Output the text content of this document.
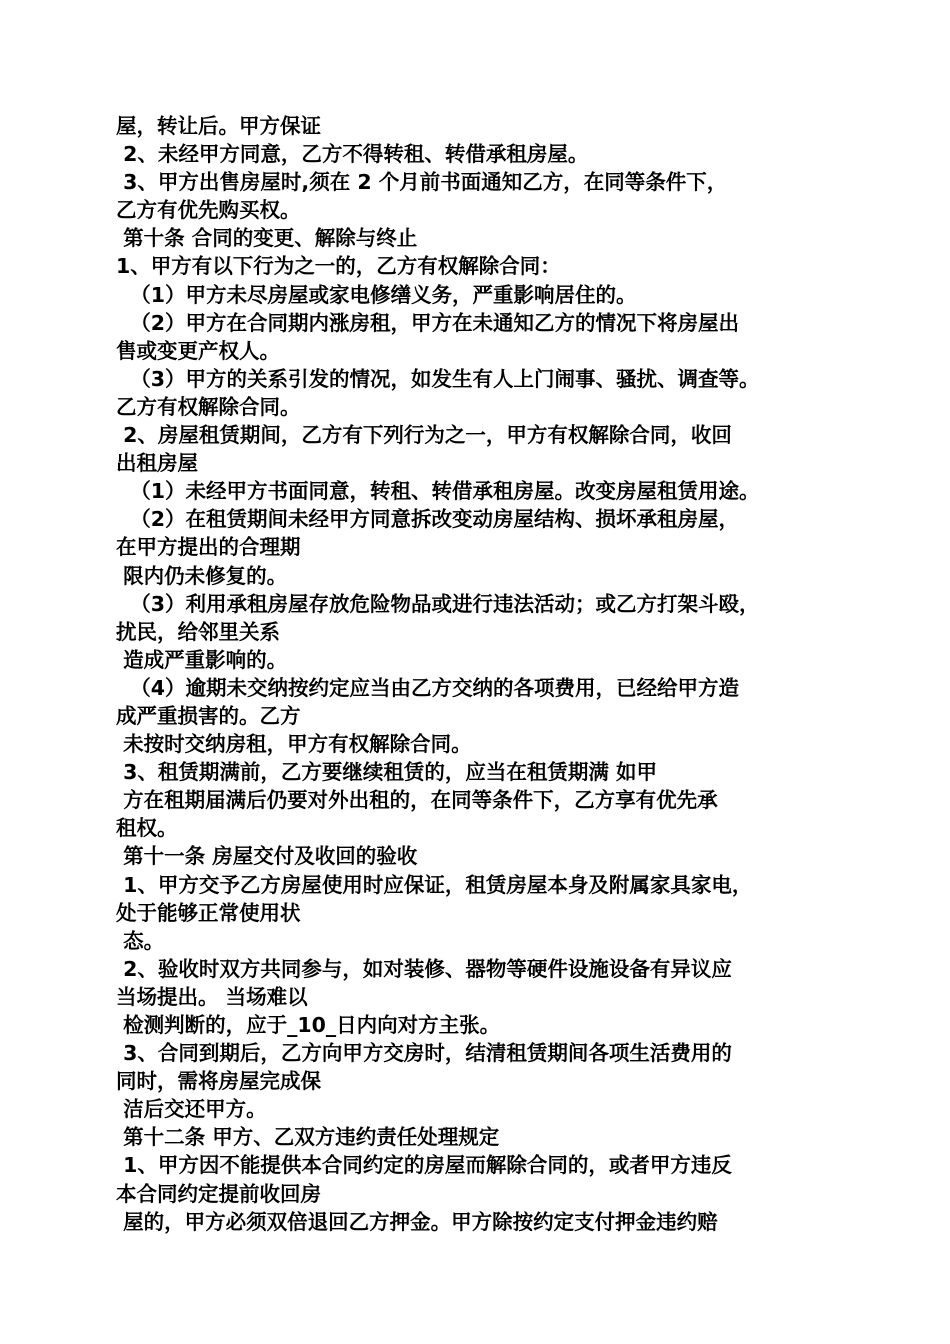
屋，转让后。甲方保证
2、未经甲方同意，乙方不得转租、转借承租房屋。
3、甲方出售房屋时,须在 2 个月前书面通知乙方，在同等条件下，
乙方有优先购买权。
第十条 合同的变更、解除与终止
1、甲方有以下行为之一的，乙方有权解除合同：
（1）甲方未尽房屋或家电修缮义务，严重影响居住的。
（2）甲方在合同期内涨房租，甲方在未通知乙方的情况下将房屋出
售或变更产权人。
（3）甲方的关系引发的情况，如发生有人上门闹事、骚扰、调查等。
乙方有权解除合同。
2、房屋租赁期间，乙方有下列行为之一，甲方有权解除合同，收回
出租房屋
（1）未经甲方书面同意，转租、转借承租房屋。改变房屋租赁用途。
（2）在租赁期间未经甲方同意拆改变动房屋结构、损坏承租房屋，
在甲方提出的合理期
限内仍未修复的。
（3）利用承租房屋存放危险物品或进行违法活动；或乙方打架斗殴，
扰民，给邻里关系
造成严重影响的。
（4）逾期未交纳按约定应当由乙方交纳的各项费用，已经给甲方造
成严重损害的。乙方
未按时交纳房租，甲方有权解除合同。
3、租赁期满前，乙方要继续租赁的，应当在租赁期满 如甲
方在租期届满后仍要对外出租的，在同等条件下，乙方享有优先承
租权。
第十一条 房屋交付及收回的验收
1、甲方交予乙方房屋使用时应保证，租赁房屋本身及附属家具家电，
处于能够正常使用状
态。
2、验收时双方共同参与，如对装修、器物等硬件设施设备有异议应
当场提出。 当场难以
检测判断的，应于_10_日内向对方主张。
3、合同到期后，乙方向甲方交房时，结清租赁期间各项生活费用的
同时，需将房屋完成保
洁后交还甲方。
第十二条 甲方、乙双方违约责任处理规定
1、甲方因不能提供本合同约定的房屋而解除合同的，或者甲方违反
本合同约定提前收回房
屋的，甲方必须双倍退回乙方押金。甲方除按约定支付押金违约赔
